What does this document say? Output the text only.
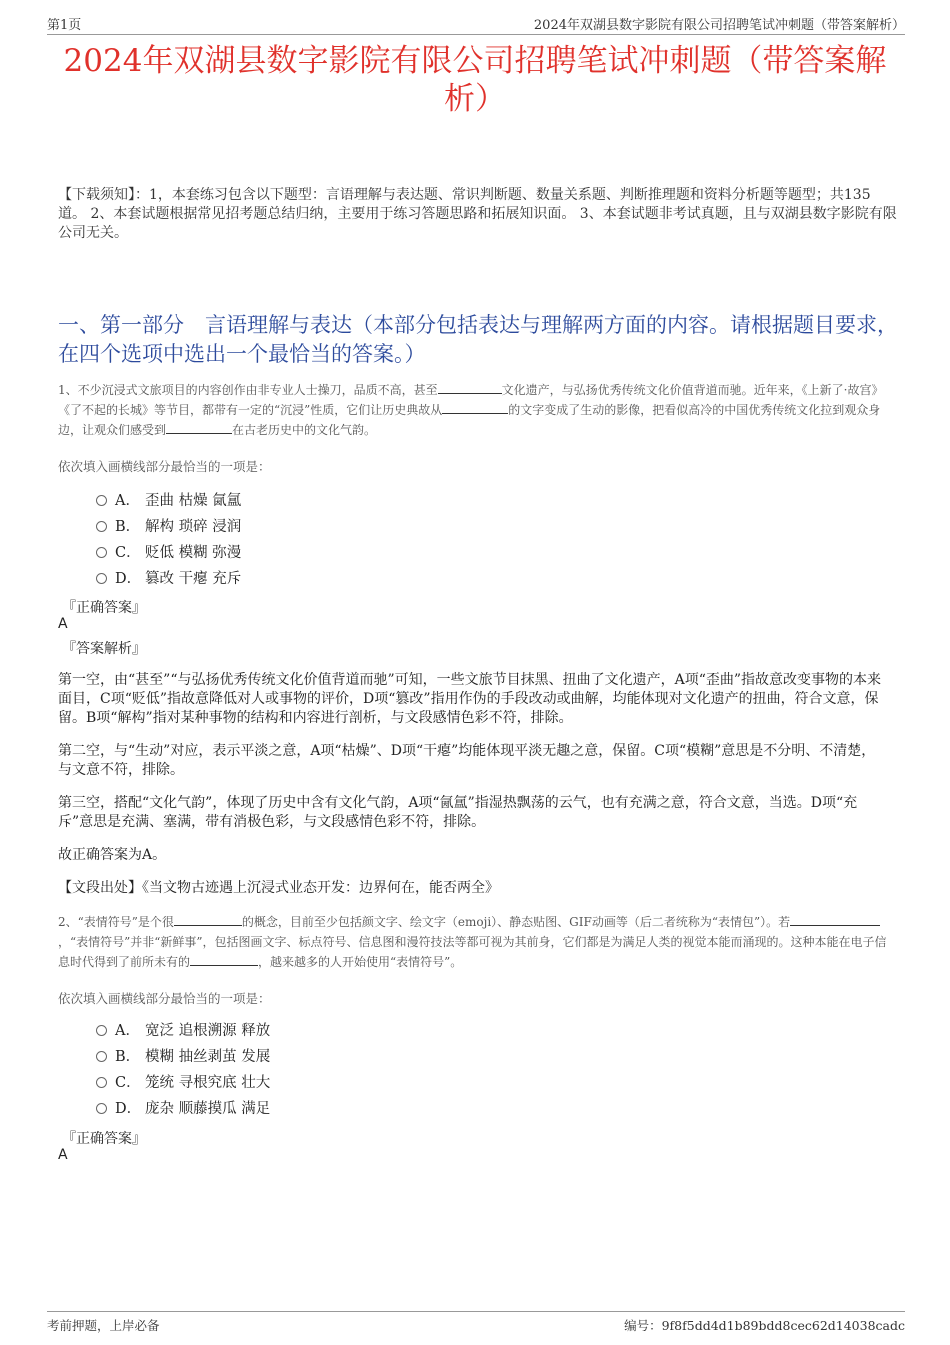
第1页	2024年双湖县数字影院有限公司招聘笔试冲刺题（带答案解析）
2024年双湖县数字影院有限公司招聘笔试冲刺题（带答案解析）
【下载须知】：1，本套练习包含以下题型：言语理解与表达题、常识判断题、数量关系题、判断推理题和资料分析题等题型；共135道。 2、本套试题根据常见招考题总结归纳，主要用于练习答题思路和拓展知识面。 3、本套试题非考试真题，且与双湖县数字影院有限公司无关。
一、第一部分　言语理解与表达（本部分包括表达与理解两方面的内容。请根据题目要求，在四个选项中选出一个最恰当的答案。）
1、不少沉浸式文旅项目的内容创作由非专业人士操刀，品质不高，甚至	文化遗产，与弘扬优秀传统文化价值背道而驰。近年来，《上新了·故宫》《了不起的长城》等节目，都带有一定的“沉浸”性质，它们让历史典故从	的文字变成了生动的影像，把看似高冷的中国优秀传统文化拉到观众身边，让观众们感受到	在古老历史中的文化气韵。
依次填入画横线部分最恰当的一项是：
A． 歪曲 枯燥 氤氲
B． 解构 琐碎 浸润
C． 贬低 模糊 弥漫
D． 篡改 干瘪 充斥
『正确答案』
A
『答案解析』
第一空，由“甚至”“与弘扬优秀传统文化价值背道而驰”可知，一些文旅节目抹黑、扭曲了文化遗产，A项“歪曲”指故意改变事物的本来面目，C项“贬低”指故意降低对人或事物的评价，D项“篡改”指用作伪的手段改动或曲解，均能体现对文化遗产的扭曲，符合文意，保留。B项“解构”指对某种事物的结构和内容进行剖析，与文段感情色彩不符，排除。
第二空，与“生动”对应，表示平淡之意，A项“枯燥”、D项“干瘪”均能体现平淡无趣之意，保留。C项“模糊”意思是不分明、不清楚，与文意不符，排除。
第三空，搭配“文化气韵”，体现了历史中含有文化气韵，A项“氤氲”指湿热飘荡的云气，也有充满之意，符合文意，当选。D项“充斥”意思是充满、塞满，带有消极色彩，与文段感情色彩不符，排除。
故正确答案为A。
【文段出处】《当文物古迹遇上沉浸式业态开发：边界何在，能否两全》
2、“表情符号”是个很	的概念，目前至少包括颜文字、绘文字（emoji）、静态贴图、GIF动画等（后二者统称为“表情包”）。若，“表情符号”并非“新鲜事”，包括图画文字、标点符号、信息图和漫符技法等都可视为其前身，它们都是为满足人类的视觉本能而涌现的。这种本能在电子信息时代得到了前所未有的	，越来越多的人开始使用“表情符号”。
依次填入画横线部分最恰当的一项是：
A． 宽泛 追根溯源 释放
B． 模糊 抽丝剥茧 发展
C． 笼统 寻根究底 壮大
D． 庞杂 顺藤摸瓜 满足
『正确答案』
A
考前押题，上岸必备	编号：9f8f5dd4d1b89bdd8cec62d14038cadc
